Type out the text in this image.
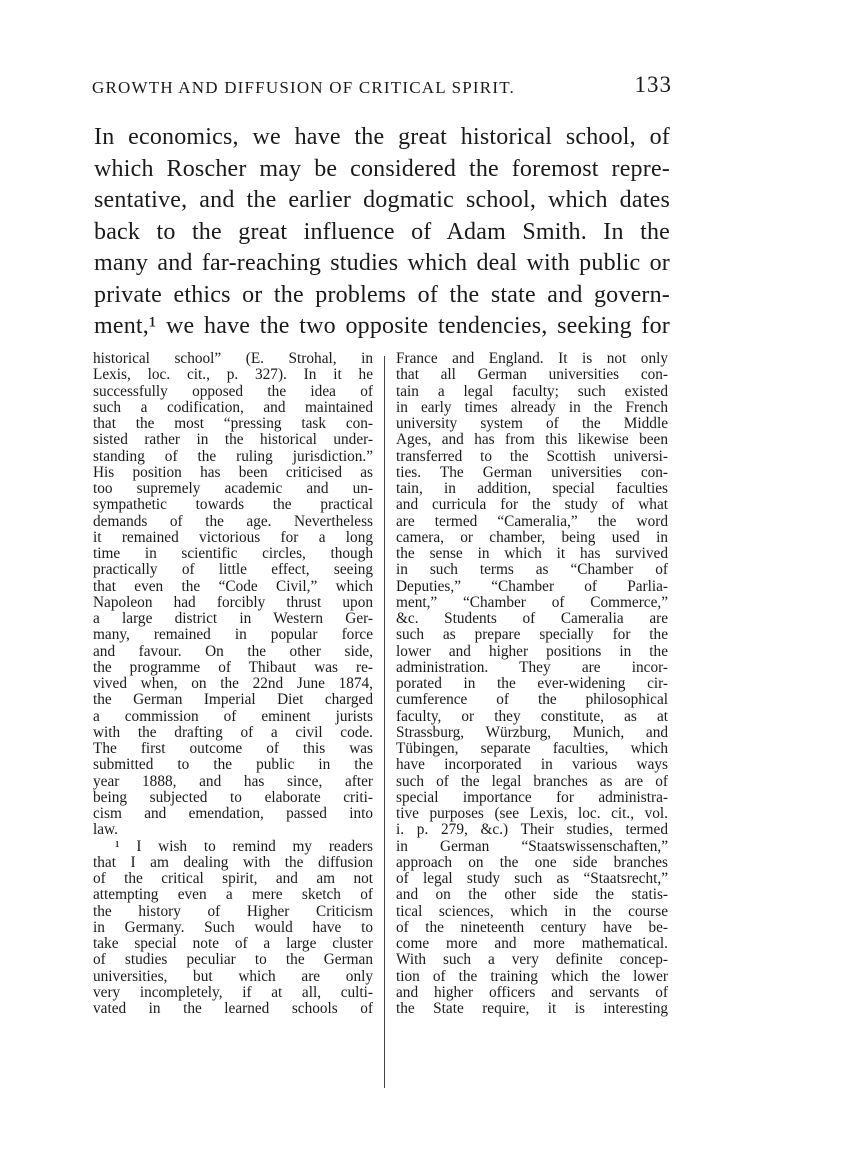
GROWTH AND DIFFUSION OF CRITICAL SPIRIT.	133
In economics, we have the great historical school, of
which Roscher may be considered the foremost repre-
sentative, and the earlier dogmatic school, which dates
back to the great influence of Adam Smith. In the
many and far-reaching studies which deal with public or
private ethics or the problems of the state and govern-
ment,¹ we have the two opposite tendencies, seeking for
historical school” (E. Strohal, in
Lexis, loc. cit., p. 327). In it he
successfully opposed the idea of
such a codification, and maintained
that the most “pressing task con-
sisted rather in the historical under-
standing of the ruling jurisdiction.”
His position has been criticised as
too supremely academic and un-
sympathetic towards the practical
demands of the age. Nevertheless
it remained victorious for a long
time in scientific circles, though
practically of little effect, seeing
that even the “Code Civil,” which
Napoleon had forcibly thrust upon
a large district in Western Ger-
many, remained in popular force
and favour. On the other side,
the programme of Thibaut was re-
vived when, on the 22nd June 1874,
the German Imperial Diet charged
a commission of eminent jurists
with the drafting of a civil code.
The first outcome of this was
submitted to the public in the
year 1888, and has since, after
being subjected to elaborate criti-
cism and emendation, passed into
law.
¹ I wish to remind my readers
that I am dealing with the diffusion
of the critical spirit, and am not
attempting even a mere sketch of
the history of Higher Criticism
in Germany. Such would have to
take special note of a large cluster
of studies peculiar to the German
universities, but which are only
very incompletely, if at all, culti-
vated in the learned schools of
France and England. It is not only
that all German universities con-
tain a legal faculty; such existed
in early times already in the French
university system of the Middle
Ages, and has from this likewise been
transferred to the Scottish universi-
ties. The German universities con-
tain, in addition, special faculties
and curricula for the study of what
are termed “Cameralia,” the word
camera, or chamber, being used in
the sense in which it has survived
in such terms as “Chamber of
Deputies,” “Chamber of Parlia-
ment,” “Chamber of Commerce,”
&c. Students of Cameralia are
such as prepare specially for the
lower and higher positions in the
administration. They are incor-
porated in the ever-widening cir-
cumference of the philosophical
faculty, or they constitute, as at
Strassburg, Würzburg, Munich, and
Tübingen, separate faculties, which
have incorporated in various ways
such of the legal branches as are of
special importance for administra-
tive purposes (see Lexis, loc. cit., vol.
i. p. 279, &c.) Their studies, termed
in German “Staatswissenschaften,”
approach on the one side branches
of legal study such as “Staatsrecht,”
and on the other side the statis-
tical sciences, which in the course
of the nineteenth century have be-
come more and more mathematical.
With such a very definite concep-
tion of the training which the lower
and higher officers and servants of
the State require, it is interesting
